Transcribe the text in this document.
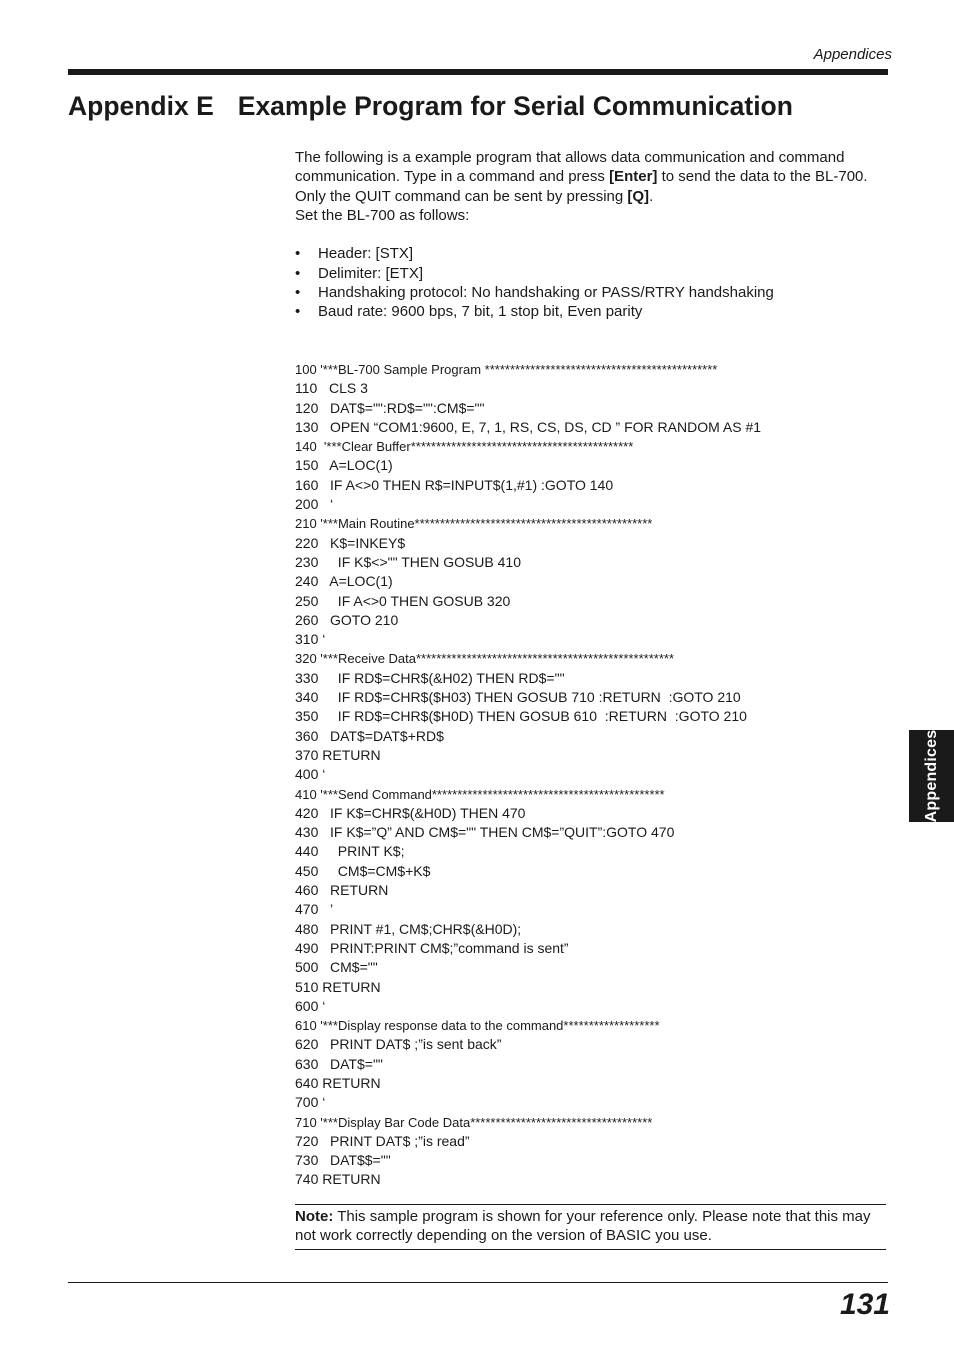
Appendices
Appendix E Example Program for Serial Communication

The following is a example program that allows data communication and command communication. Type in a command and press [Enter] to send the data to the BL-700.

Only the QUIT command can be sent by pressing [Q].

Set the BL-700 as follows:

• Header: [STX]
• Delimiter: [ETX]
• Handshaking protocol: No handshaking or PASS/RTRY handshaking
• Baud rate: 9600 bps, 7 bit, 1 stop bit, Even parity
100 '***BL-700 Sample Program **********************************************
110   CLS 3
120   DAT$="":RD$="":CM$=""
130   OPEN “COM1:9600, E, 7, 1, RS, CS, DS, CD ” FOR RANDOM AS #1
140  '***Clear Buffer********************************************
150   A=LOC(1)
160   IF A<>0 THEN R$=INPUT$(1,#1) :GOTO 140
200   ‘
210 '***Main Routine***********************************************
220   K$=INKEY$
230     IF K$<>"" THEN GOSUB 410
240   A=LOC(1)
250     IF A<>0 THEN GOSUB 320
260   GOTO 210
310 ‘
320 '***Receive Data***************************************************
330     IF RD$=CHR$(&H02) THEN RD$=""
340     IF RD$=CHR$($H03) THEN GOSUB 710 :RETURN  :GOTO 210
350     IF RD$=CHR$($H0D) THEN GOSUB 610  :RETURN  :GOTO 210
360   DAT$=DAT$+RD$
370 RETURN
400 ‘
410 '***Send Command**********************************************
420   IF K$=CHR$(&H0D) THEN 470
430   IF K$=”Q” AND CM$="" THEN CM$=”QUIT”:GOTO 470
440     PRINT K$;
450     CM$=CM$+K$
460   RETURN
470   ’
480   PRINT #1, CM$;CHR$(&H0D);
490   PRINT:PRINT CM$;”command is sent”
500   CM$=""
510 RETURN
600 ‘
610 '***Display response data to the command*******************
620   PRINT DAT$ ;”is sent back”
630   DAT$=""
640 RETURN
700 ‘
710 '***Display Bar Code Data************************************
720   PRINT DAT$ ;”is read”
730   DAT$$=""
740 RETURN
Note: This sample program is shown for your reference only. Please note that this may not work correctly depending on the version of BASIC you use.
Appendices
131
